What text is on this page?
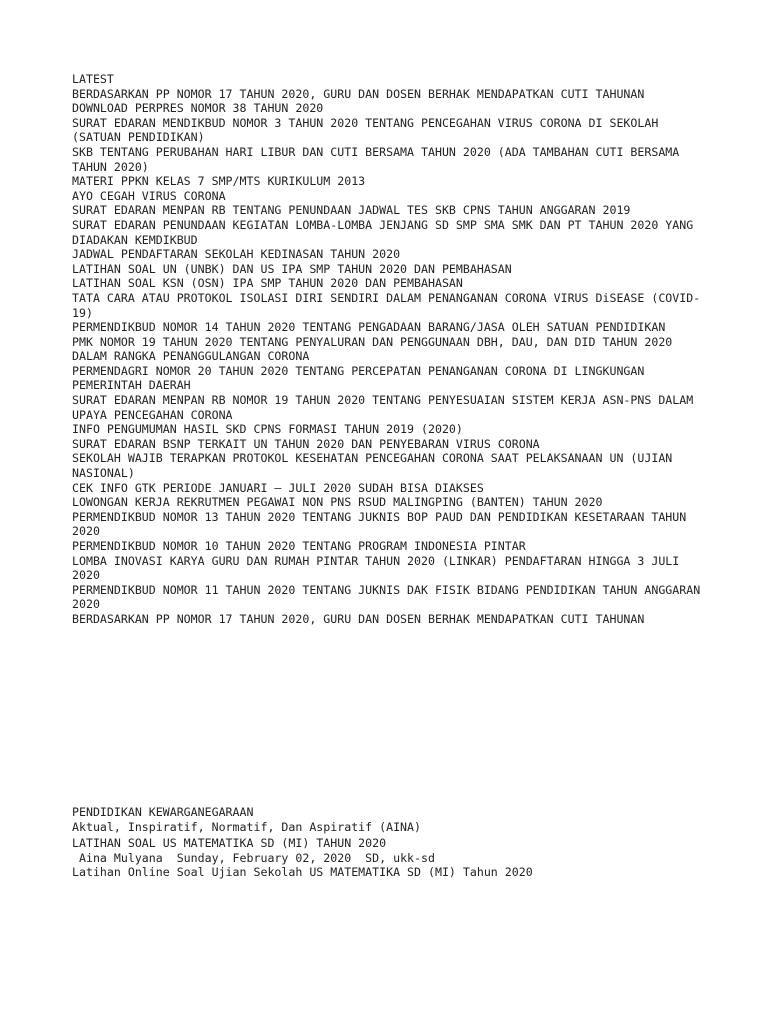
LATEST
BERDASARKAN PP NOMOR 17 TAHUN 2020, GURU DAN DOSEN BERHAK MENDAPATKAN CUTI TAHUNAN
DOWNLOAD PERPRES NOMOR 38 TAHUN 2020
SURAT EDARAN MENDIKBUD NOMOR 3 TAHUN 2020 TENTANG PENCEGAHAN VIRUS CORONA DI SEKOLAH (SATUAN PENDIDIKAN)
SKB TENTANG PERUBAHAN HARI LIBUR DAN CUTI BERSAMA TAHUN 2020 (ADA TAMBAHAN CUTI BERSAMA TAHUN 2020)
MATERI PPKN KELAS 7 SMP/MTS KURIKULUM 2013
AYO CEGAH VIRUS CORONA
SURAT EDARAN MENPAN RB TENTANG PENUNDAAN JADWAL TES SKB CPNS TAHUN ANGGARAN 2019
SURAT EDARAN PENUNDAAN KEGIATAN LOMBA-LOMBA JENJANG SD SMP SMA SMK DAN PT TAHUN 2020 YANG DIADAKAN KEMDIKBUD
JADWAL PENDAFTARAN SEKOLAH KEDINASAN TAHUN 2020
LATIHAN SOAL UN (UNBK) DAN US IPA SMP TAHUN 2020 DAN PEMBAHASAN
LATIHAN SOAL KSN (OSN) IPA SMP TAHUN 2020 DAN PEMBAHASAN
TATA CARA ATAU PROTOKOL ISOLASI DIRI SENDIRI DALAM PENANGANAN CORONA VIRUS DiSEASE (COVID-19)
PERMENDIKBUD NOMOR 14 TAHUN 2020 TENTANG PENGADAAN BARANG/JASA OLEH SATUAN PENDIDIKAN
PMK NOMOR 19 TAHUN 2020 TENTANG PENYALURAN DAN PENGGUNAAN DBH, DAU, DAN DID TAHUN 2020 DALAM RANGKA PENANGGULANGAN CORONA
PERMENDAGRI NOMOR 20 TAHUN 2020 TENTANG PERCEPATAN PENANGANAN CORONA DI LINGKUNGAN PEMERINTAH DAERAH
SURAT EDARAN MENPAN RB NOMOR 19 TAHUN 2020 TENTANG PENYESUAIAN SISTEM KERJA ASN-PNS DALAM UPAYA PENCEGAHAN CORONA
INFO PENGUMUMAN HASIL SKD CPNS FORMASI TAHUN 2019 (2020)
SURAT EDARAN BSNP TERKAIT UN TAHUN 2020 DAN PENYEBARAN VIRUS CORONA
SEKOLAH WAJIB TERAPKAN PROTOKOL KESEHATAN PENCEGAHAN CORONA SAAT PELAKSANAAN UN (UJIAN NASIONAL)
CEK INFO GTK PERIODE JANUARI – JULI 2020 SUDAH BISA DIAKSES
LOWONGAN KERJA REKRUTMEN PEGAWAI NON PNS RSUD MALINGPING (BANTEN) TAHUN 2020
PERMENDIKBUD NOMOR 13 TAHUN 2020 TENTANG JUKNIS BOP PAUD DAN PENDIDIKAN KESETARAAN TAHUN 2020
PERMENDIKBUD NOMOR 10 TAHUN 2020 TENTANG PROGRAM INDONESIA PINTAR
LOMBA INOVASI KARYA GURU DAN RUMAH PINTAR TAHUN 2020 (LINKAR) PENDAFTARAN HINGGA 3 JULI 2020
PERMENDIKBUD NOMOR 11 TAHUN 2020 TENTANG JUKNIS DAK FISIK BIDANG PENDIDIKAN TAHUN ANGGARAN 2020
BERDASARKAN PP NOMOR 17 TAHUN 2020, GURU DAN DOSEN BERHAK MENDAPATKAN CUTI TAHUNAN
PENDIDIKAN KEWARGANEGARAAN
Aktual, Inspiratif, Normatif, Dan Aspiratif (AINA)
LATIHAN SOAL US MATEMATIKA SD (MI) TAHUN 2020
Aina Mulyana  Sunday, February 02, 2020  SD, ukk-sd
Latihan Online Soal Ujian Sekolah US MATEMATIKA SD (MI) Tahun 2020
